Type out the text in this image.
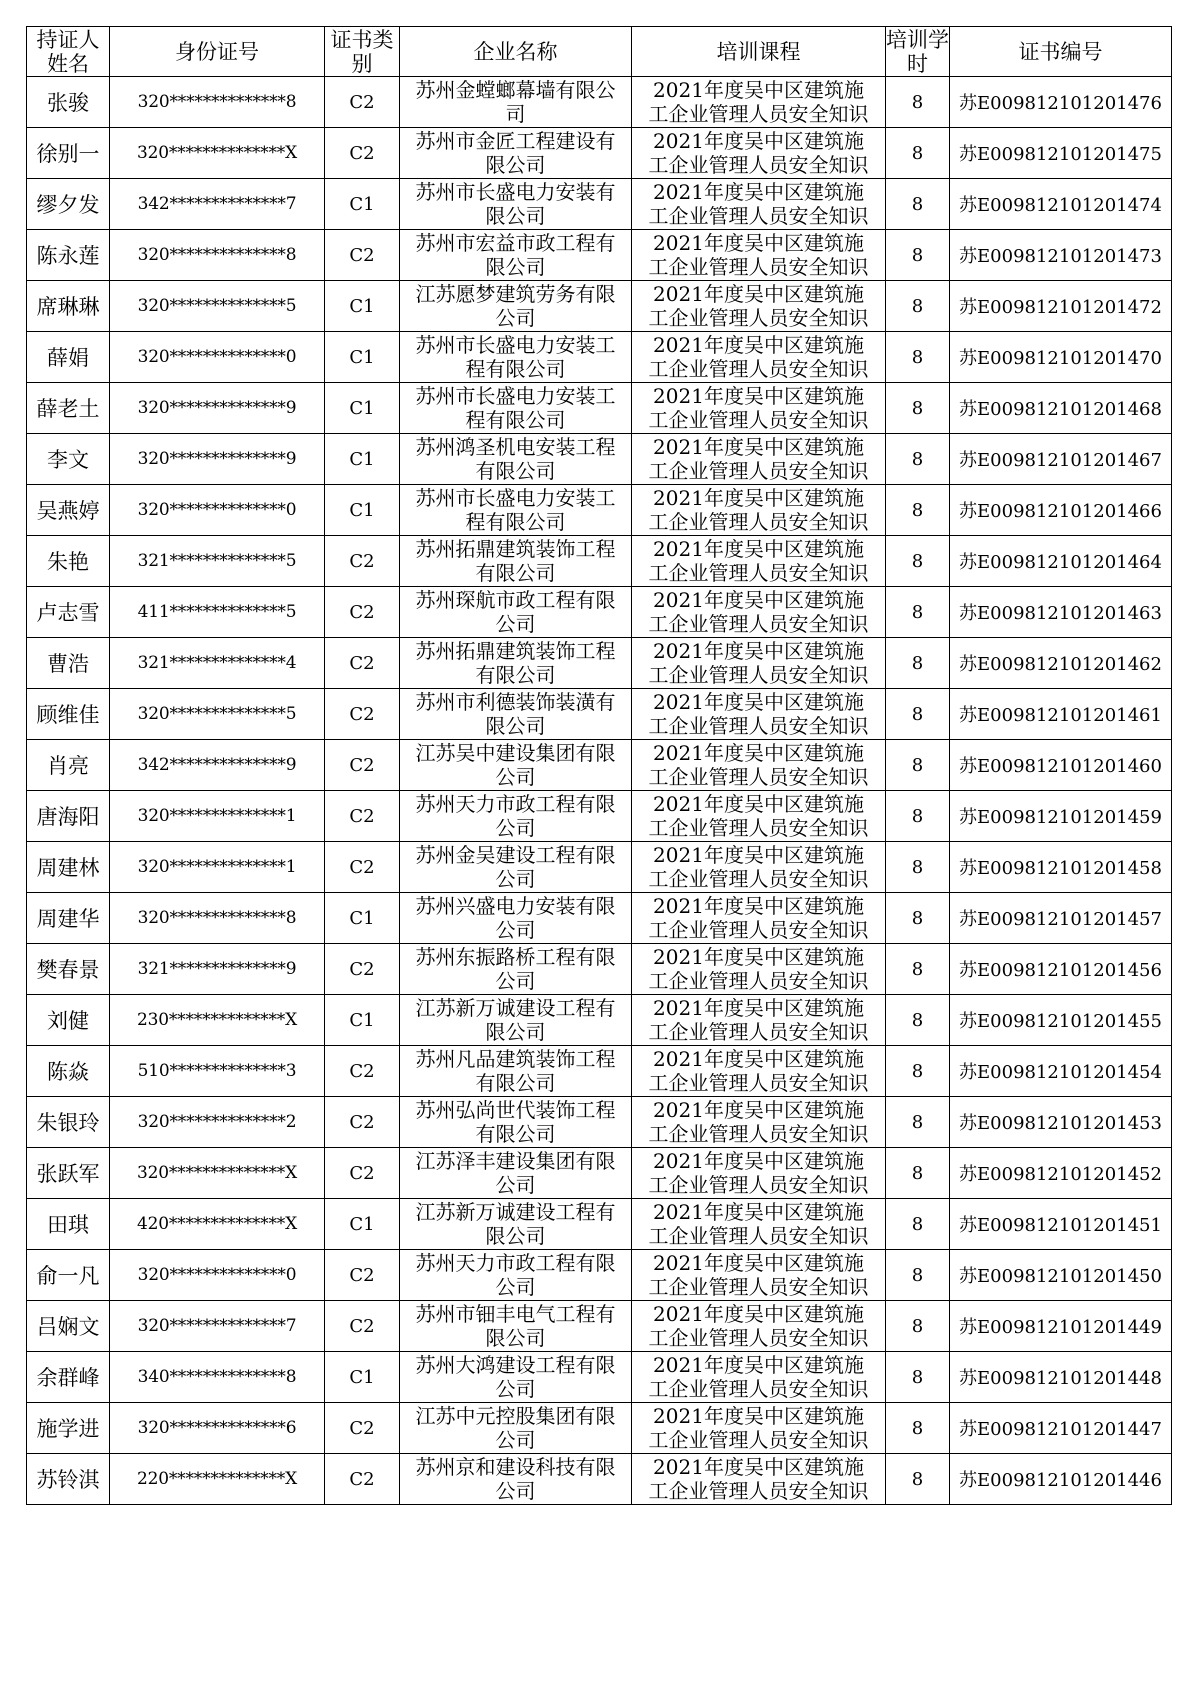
持证人姓名	身份证号	证书类别	企业名称	培训课程	培训学时	证书编号

张骏	320**************8	C2	苏州金螳螂幕墙有限公司	2021年度吴中区建筑施工企业管理人员安全知识	8	苏E009812101201476
徐别一	320**************X	C2	苏州市金匠工程建设有限公司	2021年度吴中区建筑施工企业管理人员安全知识	8	苏E009812101201475
缪夕发	342**************7	C1	苏州市长盛电力安装有限公司	2021年度吴中区建筑施工企业管理人员安全知识	8	苏E009812101201474
陈永莲	320**************8	C2	苏州市宏益市政工程有限公司	2021年度吴中区建筑施工企业管理人员安全知识	8	苏E009812101201473
席琳琳	320**************5	C1	江苏愿梦建筑劳务有限公司	2021年度吴中区建筑施工企业管理人员安全知识	8	苏E009812101201472
薛娟	320**************0	C1	苏州市长盛电力安装工程有限公司	2021年度吴中区建筑施工企业管理人员安全知识	8	苏E009812101201470
薛老土	320**************9	C1	苏州市长盛电力安装工程有限公司	2021年度吴中区建筑施工企业管理人员安全知识	8	苏E009812101201468
李文	320**************9	C1	苏州鸿圣机电安装工程有限公司	2021年度吴中区建筑施工企业管理人员安全知识	8	苏E009812101201467
吴燕婷	320**************0	C1	苏州市长盛电力安装工程有限公司	2021年度吴中区建筑施工企业管理人员安全知识	8	苏E009812101201466
朱艳	321**************5	C2	苏州拓鼎建筑装饰工程有限公司	2021年度吴中区建筑施工企业管理人员安全知识	8	苏E009812101201464
卢志雪	411**************5	C2	苏州琛航市政工程有限公司	2021年度吴中区建筑施工企业管理人员安全知识	8	苏E009812101201463
曹浩	321**************4	C2	苏州拓鼎建筑装饰工程有限公司	2021年度吴中区建筑施工企业管理人员安全知识	8	苏E009812101201462
顾维佳	320**************5	C2	苏州市利德装饰装潢有限公司	2021年度吴中区建筑施工企业管理人员安全知识	8	苏E009812101201461
肖亮	342**************9	C2	江苏吴中建设集团有限公司	2021年度吴中区建筑施工企业管理人员安全知识	8	苏E009812101201460
唐海阳	320**************1	C2	苏州天力市政工程有限公司	2021年度吴中区建筑施工企业管理人员安全知识	8	苏E009812101201459
周建林	320**************1	C2	苏州金吴建设工程有限公司	2021年度吴中区建筑施工企业管理人员安全知识	8	苏E009812101201458
周建华	320**************8	C1	苏州兴盛电力安装有限公司	2021年度吴中区建筑施工企业管理人员安全知识	8	苏E009812101201457
樊春景	321**************9	C2	苏州东振路桥工程有限公司	2021年度吴中区建筑施工企业管理人员安全知识	8	苏E009812101201456
刘健	230**************X	C1	江苏新万诚建设工程有限公司	2021年度吴中区建筑施工企业管理人员安全知识	8	苏E009812101201455
陈焱	510**************3	C2	苏州凡品建筑装饰工程有限公司	2021年度吴中区建筑施工企业管理人员安全知识	8	苏E009812101201454
朱银玲	320**************2	C2	苏州弘尚世代装饰工程有限公司	2021年度吴中区建筑施工企业管理人员安全知识	8	苏E009812101201453
张跃军	320**************X	C2	江苏泽丰建设集团有限公司	2021年度吴中区建筑施工企业管理人员安全知识	8	苏E009812101201452
田琪	420**************X	C1	江苏新万诚建设工程有限公司	2021年度吴中区建筑施工企业管理人员安全知识	8	苏E009812101201451
俞一凡	320**************0	C2	苏州天力市政工程有限公司	2021年度吴中区建筑施工企业管理人员安全知识	8	苏E009812101201450
吕娴文	320**************7	C2	苏州市钿丰电气工程有限公司	2021年度吴中区建筑施工企业管理人员安全知识	8	苏E009812101201449
余群峰	340**************8	C1	苏州大鸿建设工程有限公司	2021年度吴中区建筑施工企业管理人员安全知识	8	苏E009812101201448
施学进	320**************6	C2	江苏中元控股集团有限公司	2021年度吴中区建筑施工企业管理人员安全知识	8	苏E009812101201447
苏铃淇	220**************X	C2	苏州京和建设科技有限公司	2021年度吴中区建筑施工企业管理人员安全知识	8	苏E009812101201446
